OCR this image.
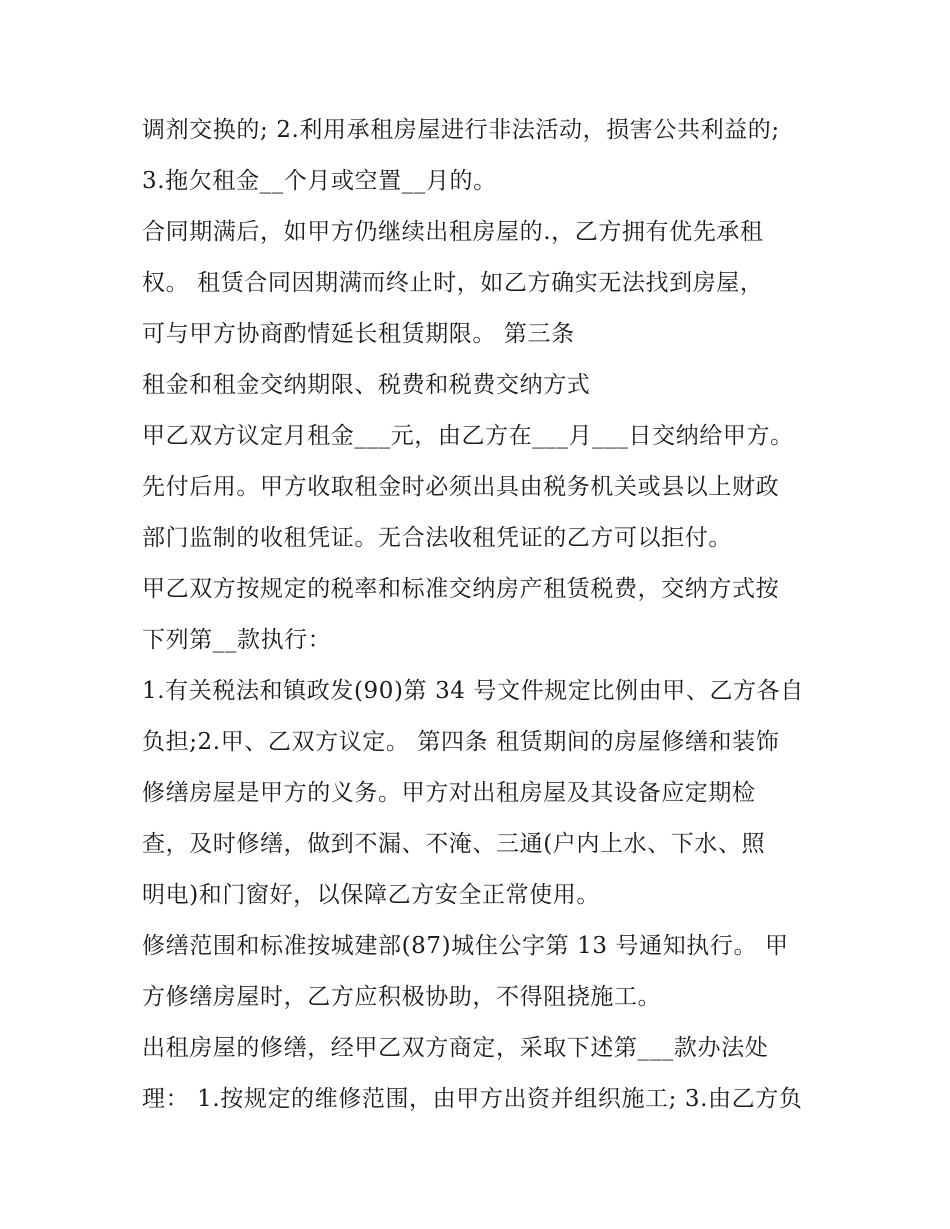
调剂交换的; 2.利用承租房屋进行非法活动，损害公共利益的;
3.拖欠租金__个月或空置__月的。
合同期满后，如甲方仍继续出租房屋的.，乙方拥有优先承租
权。 租赁合同因期满而终止时，如乙方确实无法找到房屋，
可与甲方协商酌情延长租赁期限。 第三条
租金和租金交纳期限、税费和税费交纳方式
甲乙双方议定月租金___元，由乙方在___月___日交纳给甲方。
先付后用。甲方收取租金时必须出具由税务机关或县以上财政
部门监制的收租凭证。无合法收租凭证的乙方可以拒付。
甲乙双方按规定的税率和标准交纳房产租赁税费，交纳方式按
下列第__款执行：
1.有关税法和镇政发(90)第 34 号文件规定比例由甲、乙方各自
负担;2.甲、乙双方议定。 第四条 租赁期间的房屋修缮和装饰
修缮房屋是甲方的义务。甲方对出租房屋及其设备应定期检
查，及时修缮，做到不漏、不淹、三通(户内上水、下水、照
明电)和门窗好，以保障乙方安全正常使用。
修缮范围和标准按城建部(87)城住公字第 13 号通知执行。 甲
方修缮房屋时，乙方应积极协助，不得阻挠施工。
出租房屋的修缮，经甲乙双方商定，采取下述第___款办法处
理： 1.按规定的维修范围，由甲方出资并组织施工; 3.由乙方负
